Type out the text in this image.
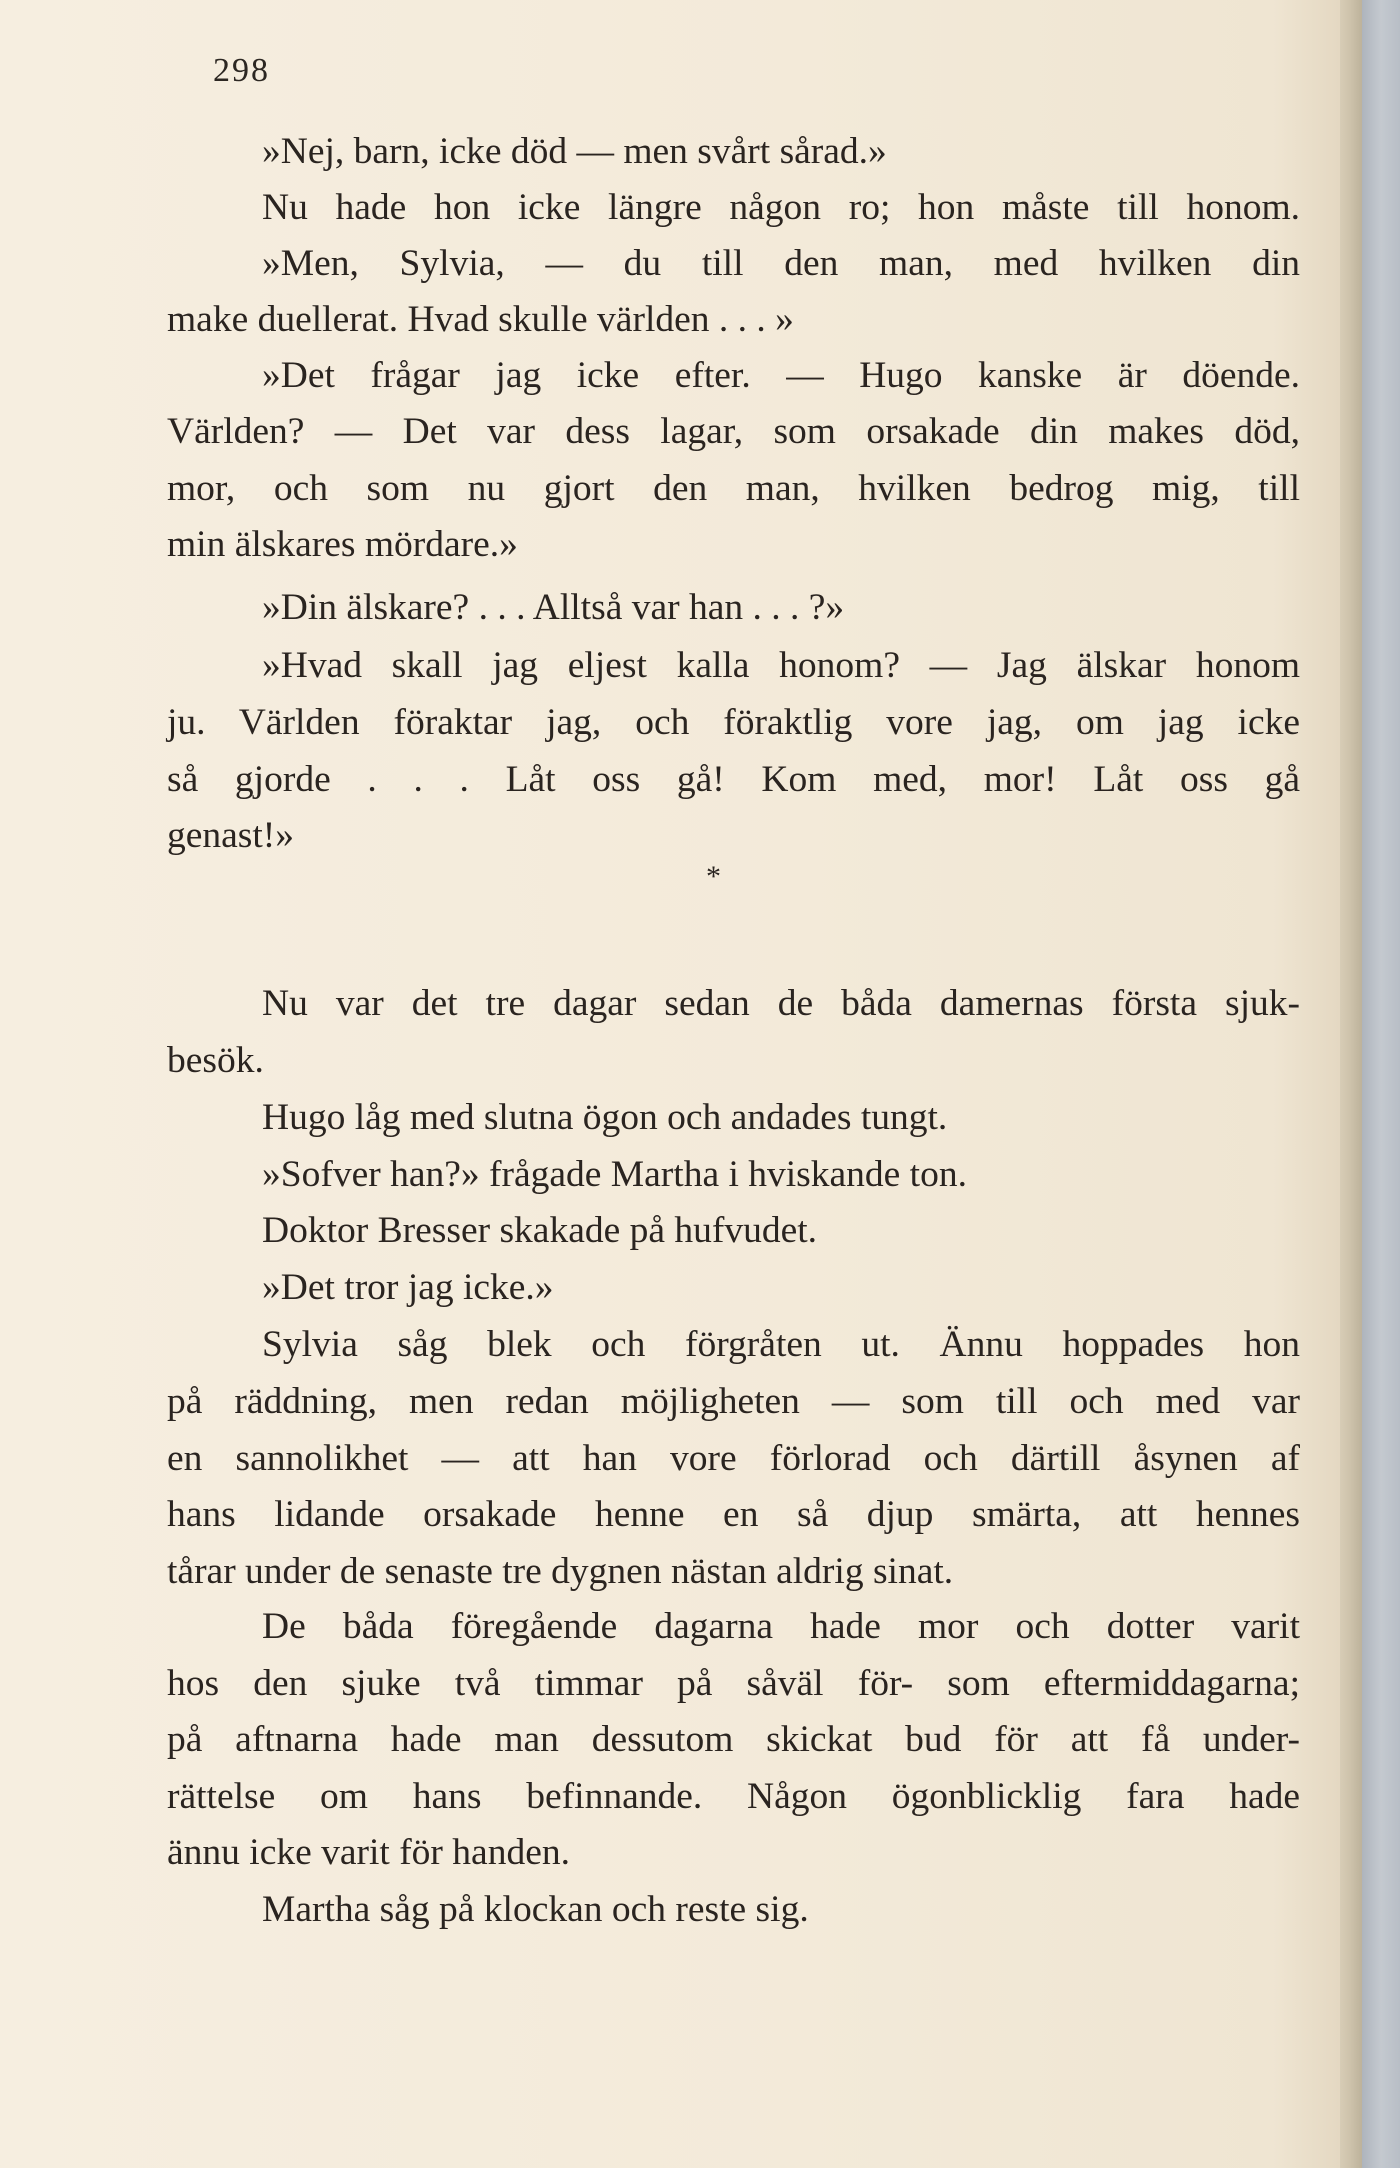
298
»Nej, barn, icke död — men svårt sårad.»
Nu hade hon icke längre någon ro; hon måste till honom.
»Men, Sylvia, — du till den man, med hvilken din
make duellerat. Hvad skulle världen . . . »
»Det frågar jag icke efter. — Hugo kanske är döende.
Världen? — Det var dess lagar, som orsakade din makes död,
mor, och som nu gjort den man, hvilken bedrog mig, till
min älskares mördare.»
»Din älskare? . . . Alltså var han . . . ?»
»Hvad skall jag eljest kalla honom? — Jag älskar honom
ju. Världen föraktar jag, och föraktlig vore jag, om jag icke
så gjorde . . . Låt oss gå! Kom med, mor! Låt oss gå
genast!»
Nu var det tre dagar sedan de båda damernas första sjuk-
besök.
Hugo låg med slutna ögon och andades tungt.
»Sofver han?» frågade Martha i hviskande ton.
Doktor Bresser skakade på hufvudet.
»Det tror jag icke.»
Sylvia såg blek och förgråten ut. Ännu hoppades hon
på räddning, men redan möjligheten — som till och med var
en sannolikhet — att han vore förlorad och därtill åsynen af
hans lidande orsakade henne en så djup smärta, att hennes
tårar under de senaste tre dygnen nästan aldrig sinat.
De båda föregående dagarna hade mor och dotter varit
hos den sjuke två timmar på såväl för- som eftermiddagarna;
på aftnarna hade man dessutom skickat bud för att få under-
rättelse om hans befinnande. Någon ögonblicklig fara hade
ännu icke varit för handen.
Martha såg på klockan och reste sig.
*
